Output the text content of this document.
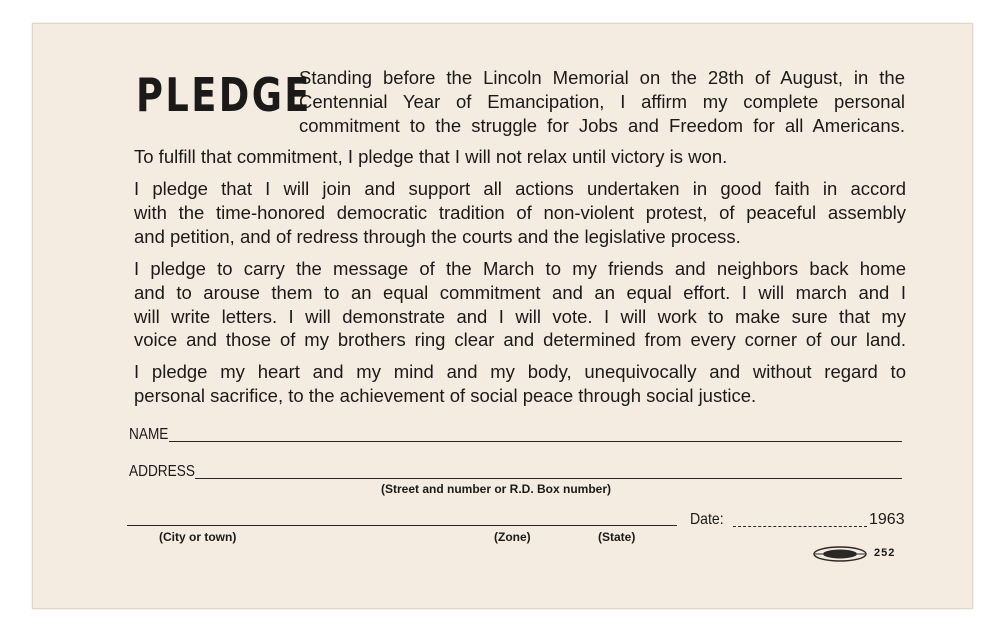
PLEDGE
Standing before the Lincoln Memorial on the 28th of August, in the
Centennial Year of Emancipation, I affirm my complete personal
commitment to the struggle for Jobs and Freedom for all Americans.
To fulfill that commitment, I pledge that I will not relax until victory is won.
I pledge that I will join and support all actions undertaken in good faith in accord
with the time-honored democratic tradition of non-violent protest, of peaceful assembly
and petition, and of redress through the courts and the legislative process.
I pledge to carry the message of the March to my friends and neighbors back home
and to arouse them to an equal commitment and an equal effort. I will march and I
will write letters. I will demonstrate and I will vote. I will work to make sure that my
voice and those of my brothers ring clear and determined from every corner of our land.
I pledge my heart and my mind and my body, unequivocally and without regard to
personal sacrifice, to the achievement of social peace through social justice.
NAME
ADDRESS
(Street and number or R.D. Box number)
(City or town)	(Zone)	(State)
Date:	1963
252
